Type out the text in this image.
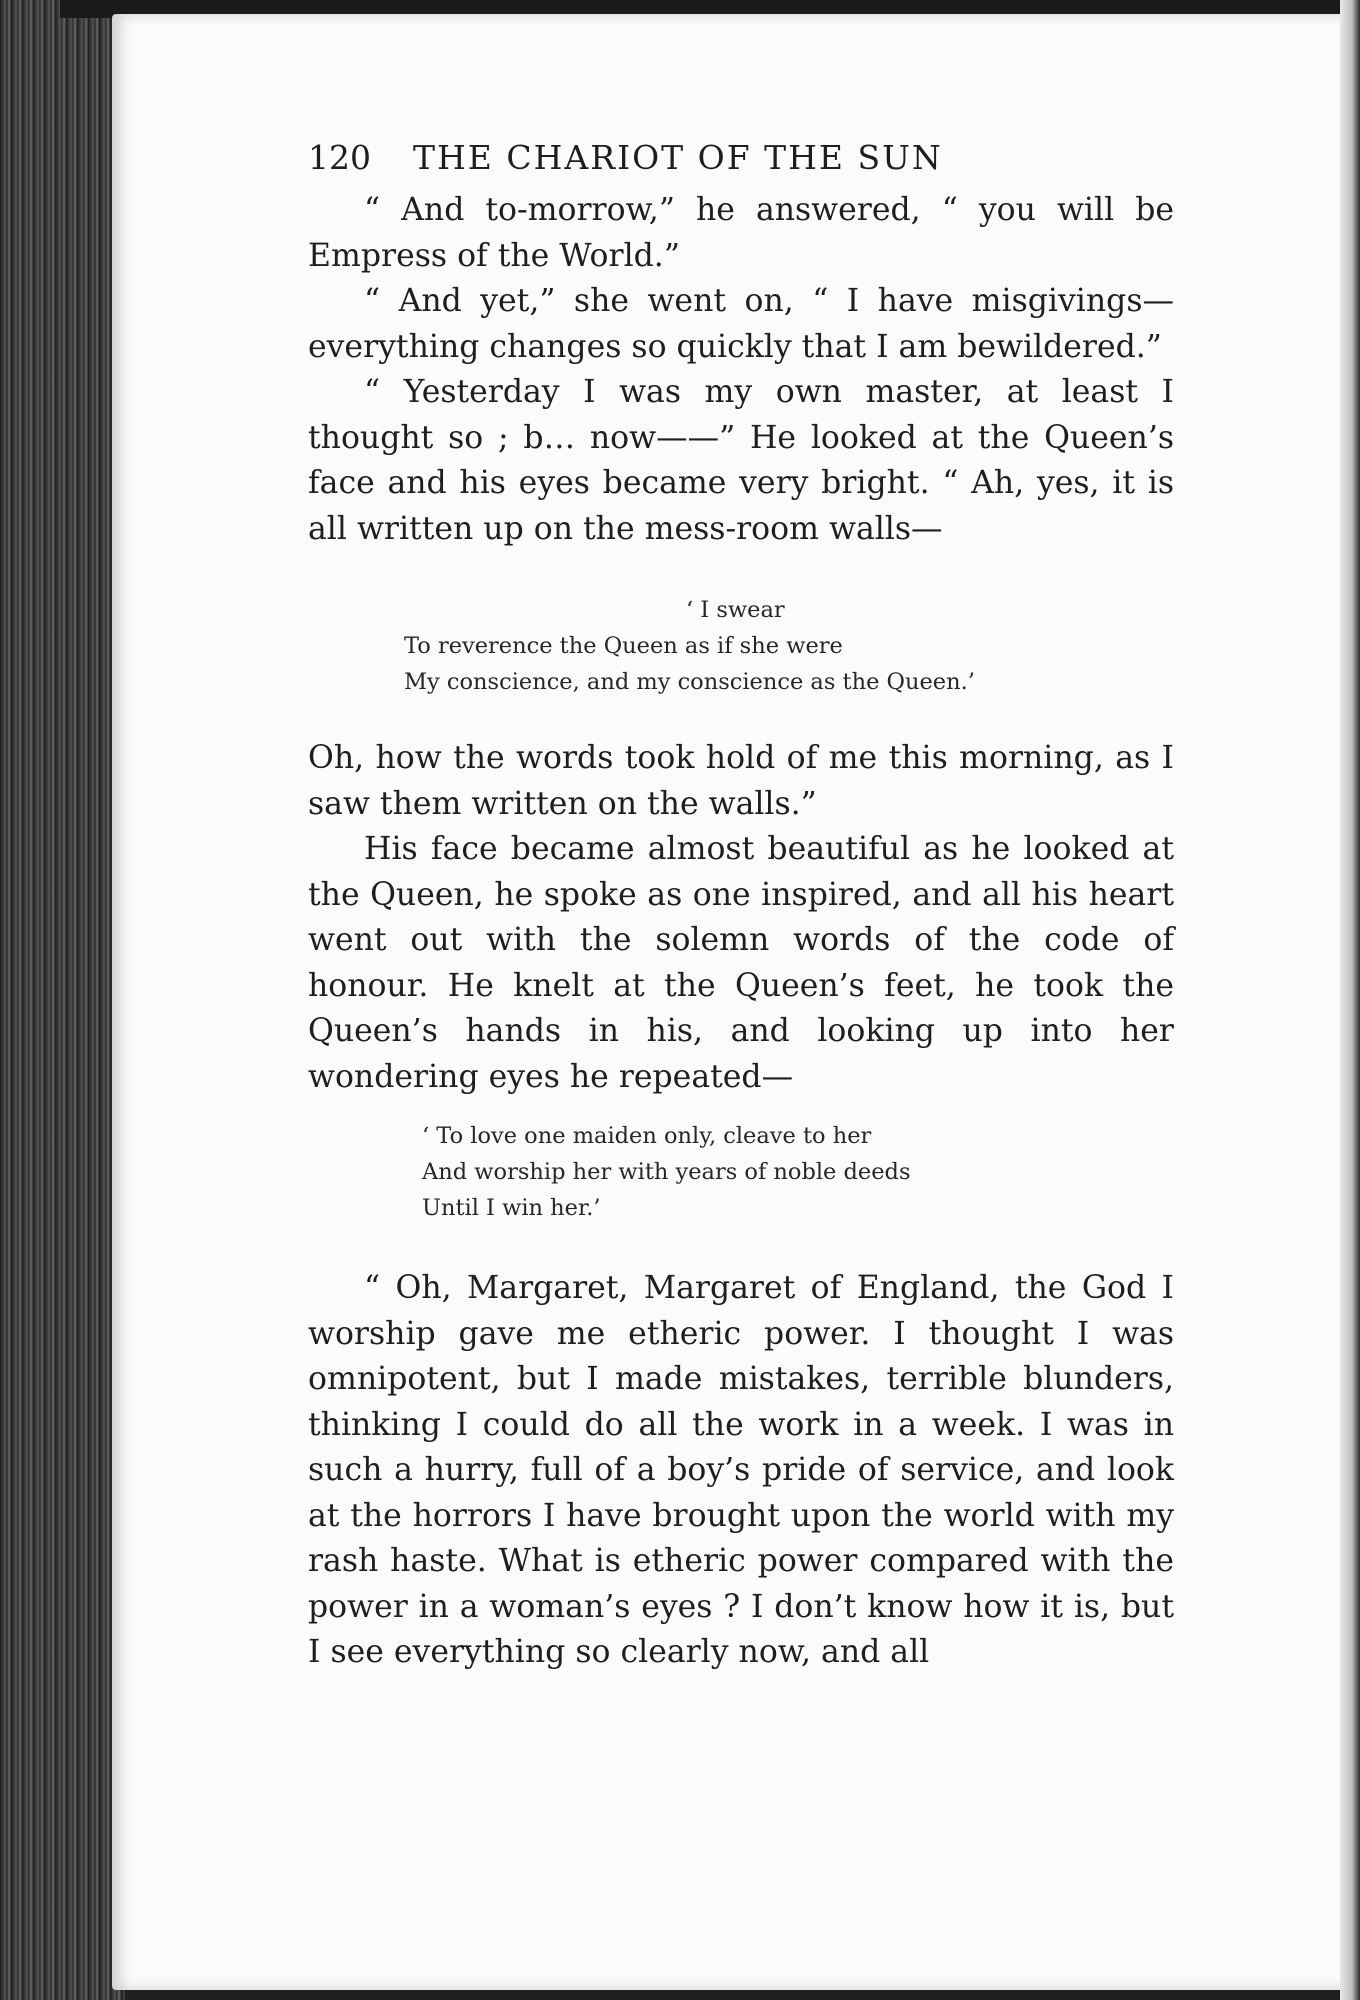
120	THE CHARIOT OF THE SUN

“ And to-morrow,” he answered, “ you will be Empress of the World.”

“ And yet,” she went on, “ I have misgivings—everything changes so quickly that I am bewildered.”

“ Yesterday I was my own master, at least I thought so ; b… now——” He looked at the Queen’s face and his eyes became very bright. “ Ah, yes, it is all written up on the mess-room walls—

‘ I swear
To reverence the Queen as if she were
My conscience, and my conscience as the Queen.’

Oh, how the words took hold of me this morning, as I saw them written on the walls.”

His face became almost beautiful as he looked at the Queen, he spoke as one inspired, and all his heart went out with the solemn words of the code of honour. He knelt at the Queen’s feet, he took the Queen’s hands in his, and looking up into her wondering eyes he repeated—

‘ To love one maiden only, cleave to her
And worship her with years of noble deeds
Until I win her.’

“ Oh, Margaret, Margaret of England, the God I worship gave me etheric power. I thought I was omnipotent, but I made mistakes, terrible blunders, thinking I could do all the work in a week. I was in such a hurry, full of a boy’s pride of service, and look at the horrors I have brought upon the world with my rash haste. What is etheric power compared with the power in a woman’s eyes ? I don’t know how it is, but I see everything so clearly now, and all
